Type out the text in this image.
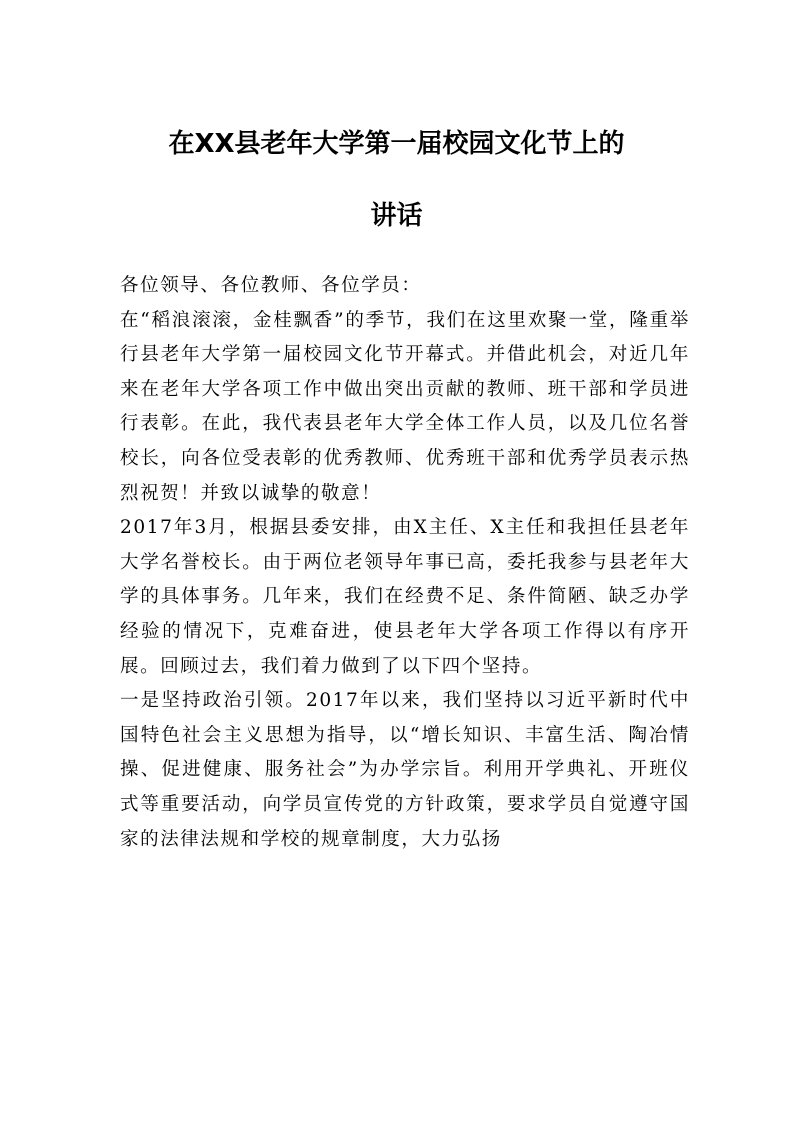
在XX县老年大学第一届校园文化节上的
讲话

各位领导、各位教师、各位学员：

在“稻浪滚滚，金桂飘香”的季节，我们在这里欢聚一堂，隆重举行县老年大学第一届校园文化节开幕式。并借此机会，对近几年来在老年大学各项工作中做出突出贡献的教师、班干部和学员进行表彰。在此，我代表县老年大学全体工作人员，以及几位名誉校长，向各位受表彰的优秀教师、优秀班干部和优秀学员表示热烈祝贺！并致以诚挚的敬意！

2017年3月，根据县委安排，由X主任、X主任和我担任县老年大学名誉校长。由于两位老领导年事已高，委托我参与县老年大学的具体事务。几年来，我们在经费不足、条件简陋、缺乏办学经验的情况下，克难奋进，使县老年大学各项工作得以有序开展。回顾过去，我们着力做到了以下四个坚持。

一是坚持政治引领。2017年以来，我们坚持以习近平新时代中国特色社会主义思想为指导，以“增长知识、丰富生活、陶冶情操、促进健康、服务社会”为办学宗旨。利用开学典礼、开班仪式等重要活动，向学员宣传党的方针政策，要求学员自觉遵守国家的法律法规和学校的规章制度，大力弘扬
